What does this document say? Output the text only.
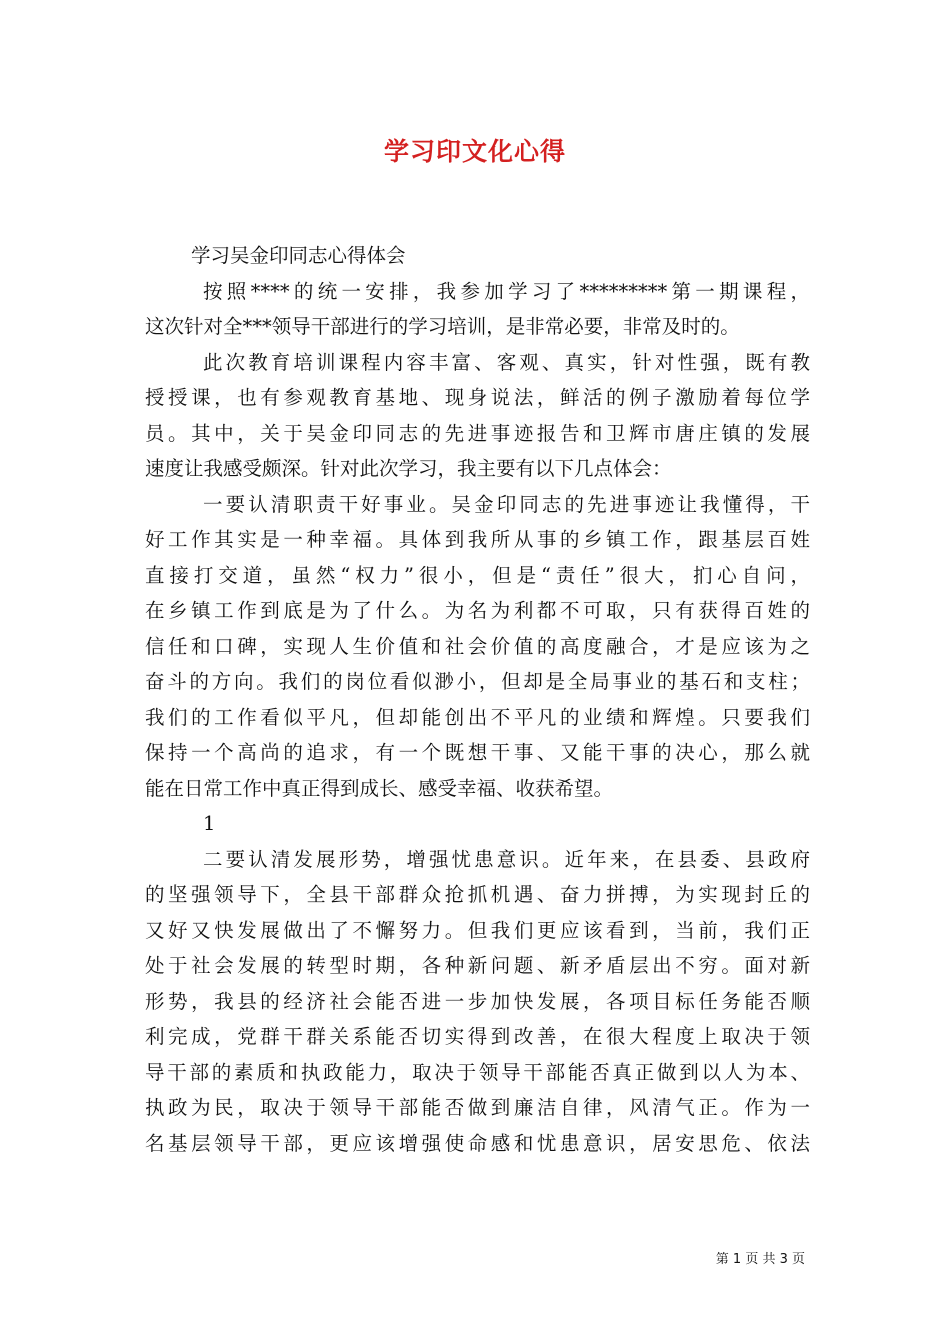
学习印文化心得
学习吴金印同志心得体会
按照****的统一安排，我参加学习了*********第一期课程，
这次针对全***领导干部进行的学习培训，是非常必要，非常及时的。
此次教育培训课程内容丰富、客观、真实，针对性强，既有教
授授课，也有参观教育基地、现身说法，鲜活的例子激励着每位学
员。其中，关于吴金印同志的先进事迹报告和卫辉市唐庄镇的发展
速度让我感受颇深。针对此次学习，我主要有以下几点体会：
一要认清职责干好事业。吴金印同志的先进事迹让我懂得，干
好工作其实是一种幸福。具体到我所从事的乡镇工作，跟基层百姓
直接打交道，虽然“权力”很小，但是“责任”很大，扪心自问，
在乡镇工作到底是为了什么。为名为利都不可取，只有获得百姓的
信任和口碑，实现人生价值和社会价值的高度融合，才是应该为之
奋斗的方向。我们的岗位看似渺小，但却是全局事业的基石和支柱；
我们的工作看似平凡，但却能创出不平凡的业绩和辉煌。只要我们
保持一个高尚的追求，有一个既想干事、又能干事的决心，那么就
能在日常工作中真正得到成长、感受幸福、收获希望。
1
二要认清发展形势，增强忧患意识。近年来，在县委、县政府
的坚强领导下，全县干部群众抢抓机遇、奋力拼搏，为实现封丘的
又好又快发展做出了不懈努力。但我们更应该看到，当前，我们正
处于社会发展的转型时期，各种新问题、新矛盾层出不穷。面对新
形势，我县的经济社会能否进一步加快发展，各项目标任务能否顺
利完成，党群干群关系能否切实得到改善，在很大程度上取决于领
导干部的素质和执政能力，取决于领导干部能否真正做到以人为本、
执政为民，取决于领导干部能否做到廉洁自律，风清气正。作为一
名基层领导干部，更应该增强使命感和忧患意识，居安思危、依法
第 1 页 共 3 页
